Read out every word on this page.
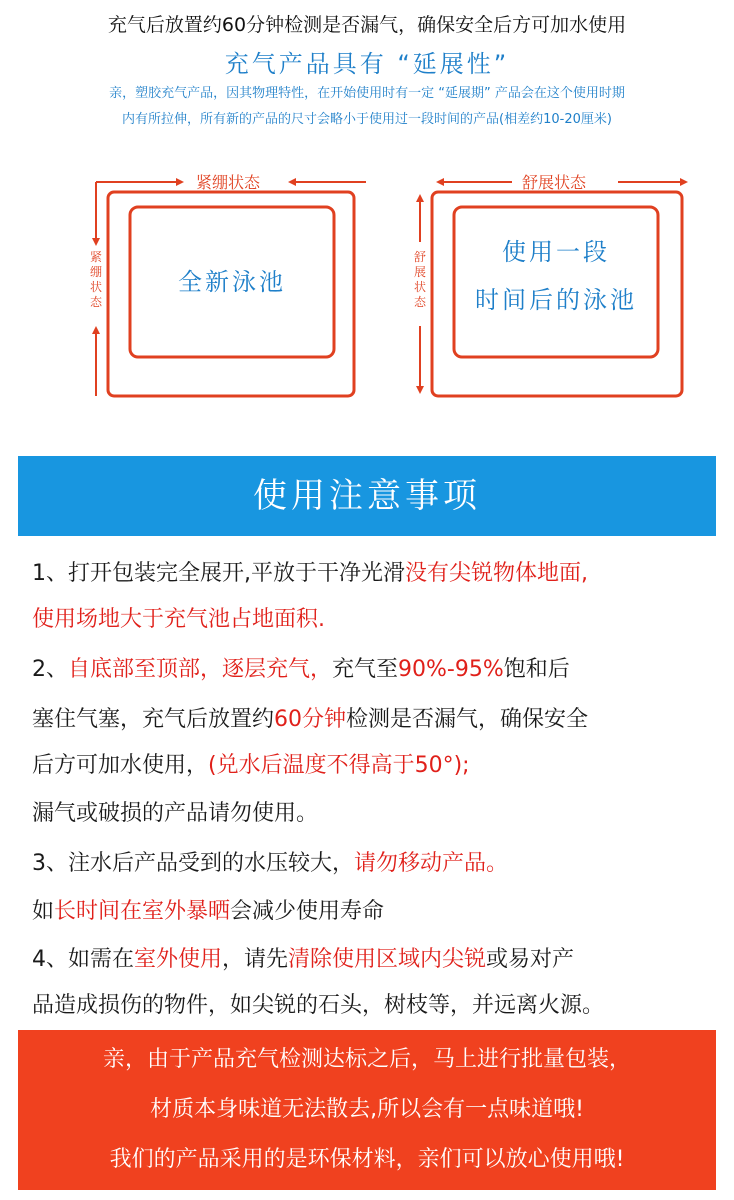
充气后放置约60分钟检测是否漏气，确保安全后方可加水使用
充气产品具有 “延展性”
亲，塑胶充气产品，因其物理特性，在开始使用时有一定 “延展期” 产品会在这个使用时期
内有所拉伸，所有新的产品的尺寸会略小于使用过一段时间的产品(相差约10-20厘米)
紧绷状态
紧绷状态
全新泳池
舒展状态
舒展状态
使用一段
时间后的泳池
使用注意事项
1、打开包装完全展开,平放于干净光滑没有尖锐物体地面,
使用场地大于充气池占地面积.
2、自底部至顶部，逐层充气，充气至90%-95%饱和后
塞住气塞，充气后放置约60分钟检测是否漏气，确保安全
后方可加水使用，(兑水后温度不得高于50°);
漏气或破损的产品请勿使用。
3、注水后产品受到的水压较大，请勿移动产品。
如长时间在室外暴晒会减少使用寿命
4、如需在室外使用，请先清除使用区域内尖锐或易对产
品造成损伤的物件，如尖锐的石头，树枝等，并远离火源。
亲，由于产品充气检测达标之后，马上进行批量包装，
材质本身味道无法散去,所以会有一点味道哦!
我们的产品采用的是环保材料，亲们可以放心使用哦!
